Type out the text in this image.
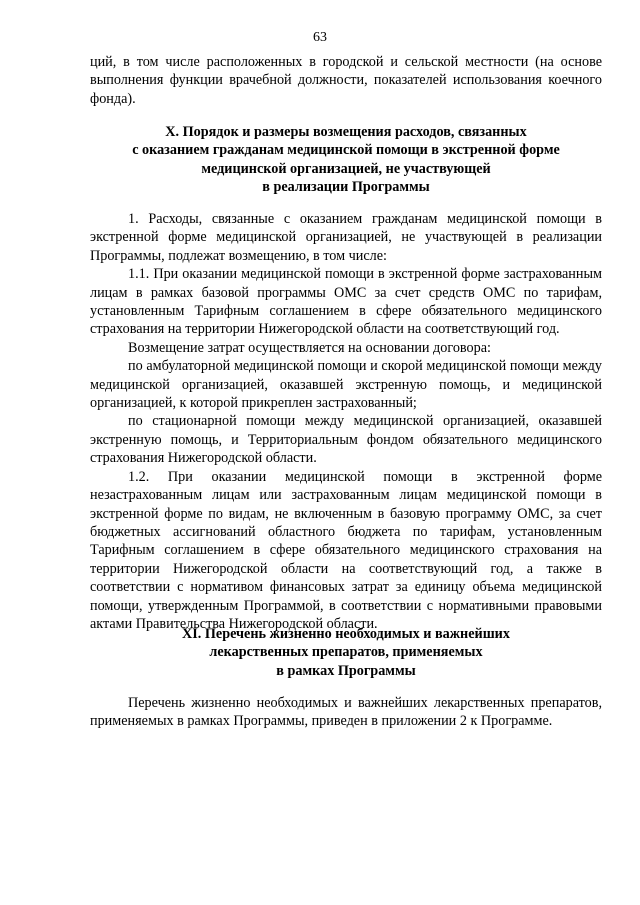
63

ций, в том числе расположенных в городской и сельской местности (на основе выполнения функции врачебной должности, показателей использования коечного фонда).

X. Порядок и размеры возмещения расходов, связанных
с оказанием гражданам медицинской помощи в экстренной форме
медицинской организацией, не участвующей
в реализации Программы

1. Расходы, связанные с оказанием гражданам медицинской помощи в экстренной форме медицинской организацией, не участвующей в реализации Программы, подлежат возмещению, в том числе:

1.1. При оказании медицинской помощи в экстренной форме застрахованным лицам в рамках базовой программы ОМС за счет средств ОМС по тарифам, установленным Тарифным соглашением в сфере обязательного медицинского страхования на территории Нижегородской области на соответствующий год.

Возмещение затрат осуществляется на основании договора:

по амбулаторной медицинской помощи и скорой медицинской помощи между медицинской организацией, оказавшей экстренную помощь, и медицинской организацией, к которой прикреплен застрахованный;

по стационарной помощи между медицинской организацией, оказавшей экстренную помощь, и Территориальным фондом обязательного медицинского страхования Нижегородской области.

1.2. При оказании медицинской помощи в экстренной форме незастрахованным лицам или застрахованным лицам медицинской помощи в экстренной форме по видам, не включенным в базовую программу ОМС, за счет бюджетных ассигнований областного бюджета по тарифам, установленным Тарифным соглашением в сфере обязательного медицинского страхования на территории Нижегородской области на соответствующий год, а также в соответствии с нормативом финансовых затрат за единицу объема медицинской помощи, утвержденным Программой, в соответствии с нормативными правовыми актами Правительства Нижегородской области.

XI. Перечень жизненно необходимых и важнейших
лекарственных препаратов, применяемых
в рамках Программы

Перечень жизненно необходимых и важнейших лекарственных препаратов, применяемых в рамках Программы, приведен в приложении 2 к Программе.
